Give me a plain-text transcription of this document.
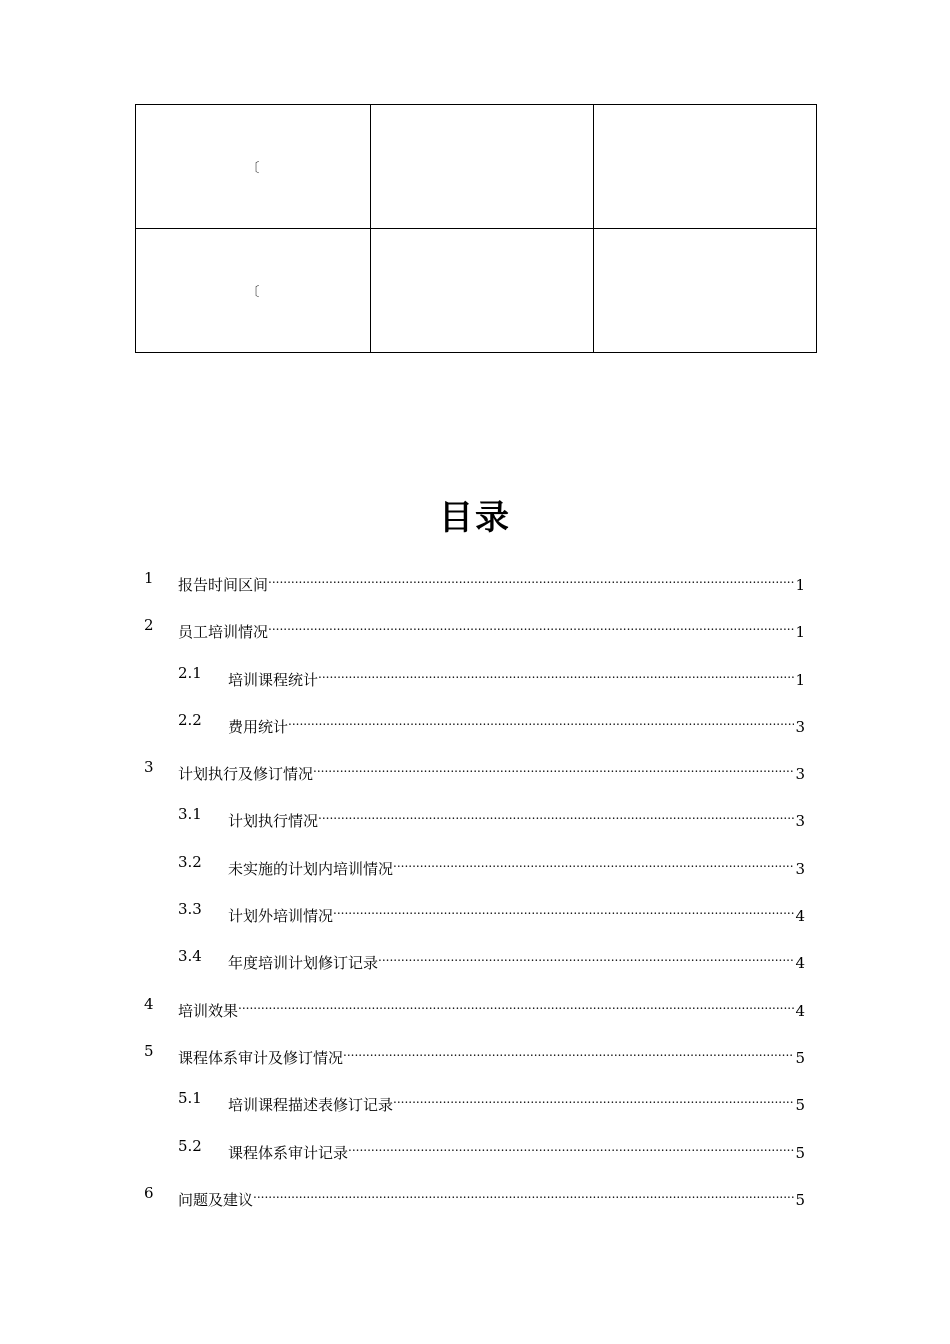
〔		
〔		
目录
1 报告时间区间 .....	1
2 员工培训情况 .....	1
2.1 培训课程统计 .....	1
2.2 费用统计 .....	3
3 计划执行及修订情况 .....	3
3.1 计划执行情况 .....	3
3.2 未实施的计划内培训情况 .....	3
3.3 计划外培训情况 .....	4
3.4 年度培训计划修订记录 .....	4
4 培训效果 .....	4
5 课程体系审计及修订情况 .....	5
5.1 培训课程描述表修订记录 .....	5
5.2 课程体系审计记录 .....	5
6 问题及建议 .....	5
